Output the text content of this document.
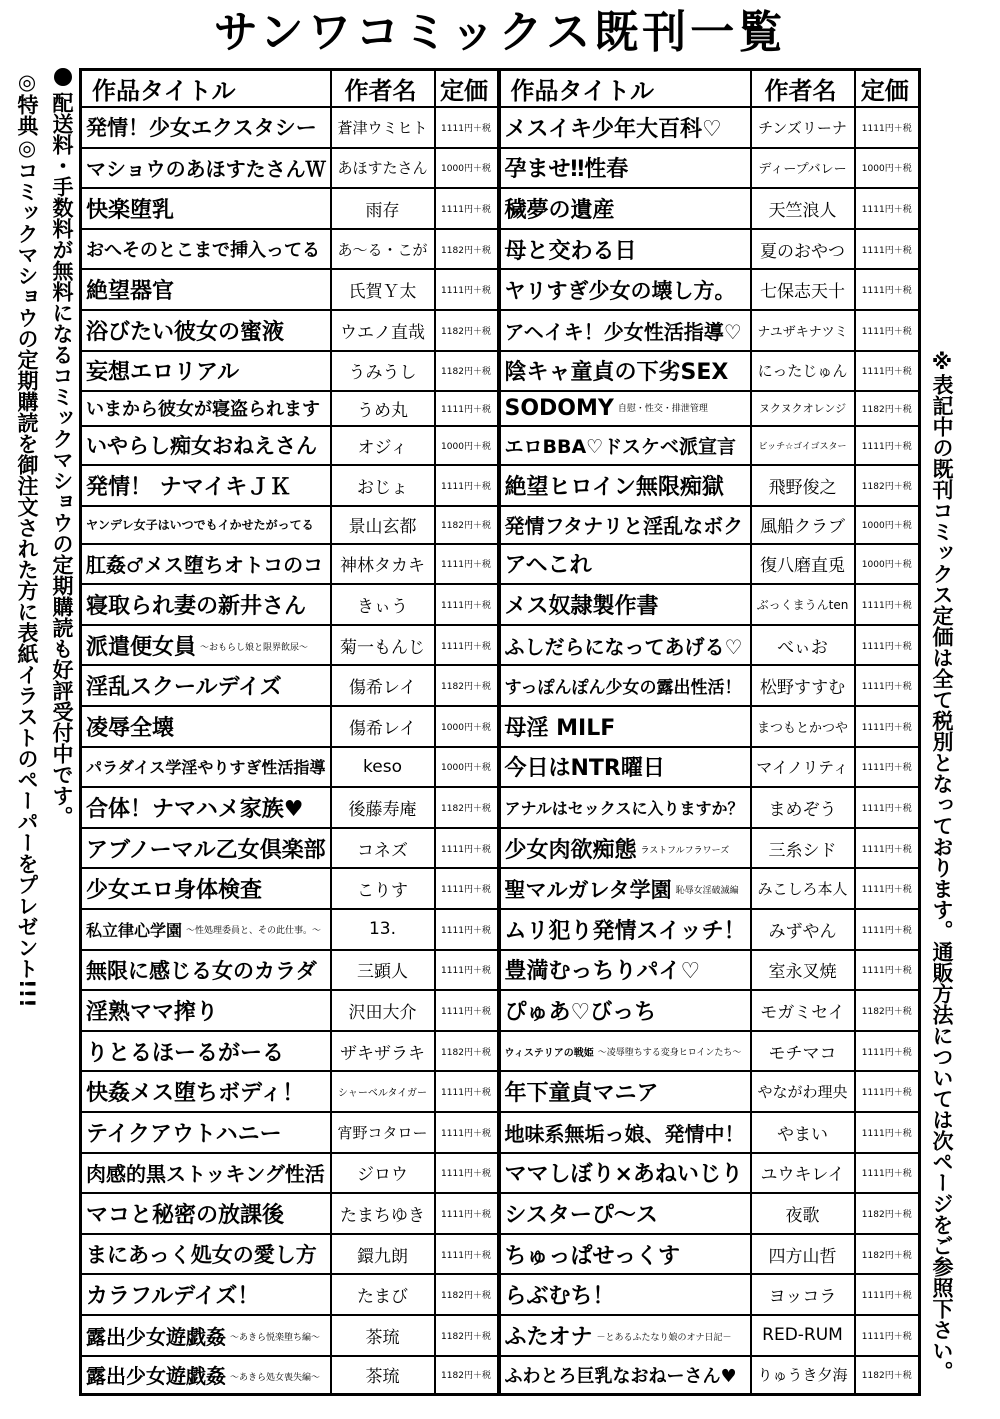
サンワコミックス既刊一覧
配送料・手数料が無料になるコミックマショウの定期購読も好評受付中です。
◎特典◎コミックマショウの定期購読を御注文された方に表紙イラストのペーパーをプレゼント!!!	※表記中の既刊コミックス定価は全て税別となっております。通販方法については次ページをご参照下さい。
作品タイトル	作者名	定価	作品タイトル	作者名	定価
発情！少女エクスタシー	蒼津ウミヒト	1111円＋税	メスイキ少年大百科♡	チンズリーナ	1111円＋税
マショウのあほすたさんＷ	あほすたさん	1000円＋税	孕ませ‼性春	ディープバレー	1000円＋税
快楽堕乳	雨存	1111円＋税	穢夢の遺産	天竺浪人	1111円＋税
おへそのとこまで挿入ってる	あ～る・こが	1182円＋税	母と交わる日	夏のおやつ	1111円＋税
絶望器官	氏賀Ｙ太	1111円＋税	ヤリすぎ少女の壊し方。	七保志天十	1111円＋税
浴びたい彼女の蜜液	ウエノ直哉	1182円＋税	アヘイキ！少女性活指導♡	ナユザキナツミ	1111円＋税
妄想エロリアル	うみうし	1182円＋税	陰キャ童貞の下劣SEX	にったじゅん	1111円＋税
いまから彼女が寝盗られます	うめ丸	1111円＋税	SODOMY 自慰・性交・排泄管理	ヌクヌクオレンジ	1182円＋税
いやらし痴女おねえさん	オジィ	1000円＋税	エロBBA♡ドスケベ派宣言	ビッチ☆ゴイゴスター	1111円＋税
発情！ ナマイキＪＫ	おじょ	1111円＋税	絶望ヒロイン無限痴獄	飛野俊之	1182円＋税
ヤンデレ女子はいつでもイかせたがってる	景山玄都	1182円＋税	発情フタナリと淫乱なボク	風船クラブ	1000円＋税
肛姦♂メス堕ちオトコのコ	神林タカキ	1111円＋税	アヘこれ	復八磨直兎	1000円＋税
寝取られ妻の新井さん	きぃう	1111円＋税	メス奴隷製作書	ぶっくまうんten	1111円＋税
派遣便女員 ～おもらし娘と限界飲尿～	菊一もんじ	1111円＋税	ふしだらになってあげる♡	べぃお	1111円＋税
淫乱スクールデイズ	傷希レイ	1182円＋税	すっぽんぽん少女の露出性活！	松野すすむ	1111円＋税
凌辱全壊	傷希レイ	1000円＋税	母淫 MILF	まつもとかつや	1111円＋税
パラダイス学淫やりすぎ性活指導	keso	1000円＋税	今日はNTR曜日	マイノリティ	1111円＋税
合体！ナマハメ家族♥	後藤寿庵	1182円＋税	アナルはセックスに入りますか？	まめぞう	1111円＋税
アブノーマル乙女倶楽部	コネズ	1111円＋税	少女肉欲痴態 ラストフルフラワーズ	三糸シド	1111円＋税
少女エロ身体検査	こりす	1111円＋税	聖マルガレタ学園 恥辱女淫破滅編	みこしろ本人	1111円＋税
私立律心学園 ～性処理委員と、その此仕事。～	13.	1111円＋税	ムリ犯り発情スイッチ！	みずやん	1111円＋税
無限に感じる女のカラダ	三顕人	1111円＋税	豊満むっちりパイ♡	室永叉焼	1111円＋税
淫熟ママ搾り	沢田大介	1111円＋税	ぴゅあ♡びっち	モガミセイ	1182円＋税
りとるほーるがーる	ザキザラキ	1182円＋税	ウィステリアの戦姫 ～凌辱堕ちする変身ヒロインたち～	モチマコ	1111円＋税
快姦メス堕ちボディ！	シャーベルタイガー	1111円＋税	年下童貞マニア	やながわ理央	1111円＋税
テイクアウトハニー	宵野コタロー	1111円＋税	地味系無垢っ娘、発情中！	やまい	1111円＋税
肉感的黒ストッキング性活	ジロウ	1111円＋税	ママしぼり×あねいじり	ユウキレイ	1111円＋税
マコと秘密の放課後	たまちゆき	1111円＋税	シスターぴ～ス	夜歌	1182円＋税
まにあっく処女の愛し方	鐶九朗	1111円＋税	ちゅっぱせっくす	四方山哲	1182円＋税
カラフルデイズ！	たまび	1182円＋税	らぶむち！	ヨッコラ	1111円＋税
露出少女遊戯姦 ～あきら悦楽堕ち編～	茶琉	1182円＋税	ふたオナ －とあるふたなり娘のオナ日記－	RED-RUM	1111円＋税
露出少女遊戯姦 ～あきら処女喪失編～	茶琉	1182円＋税	ふわとろ巨乳なおねーさん♥	りゅうき夕海	1182円＋税
